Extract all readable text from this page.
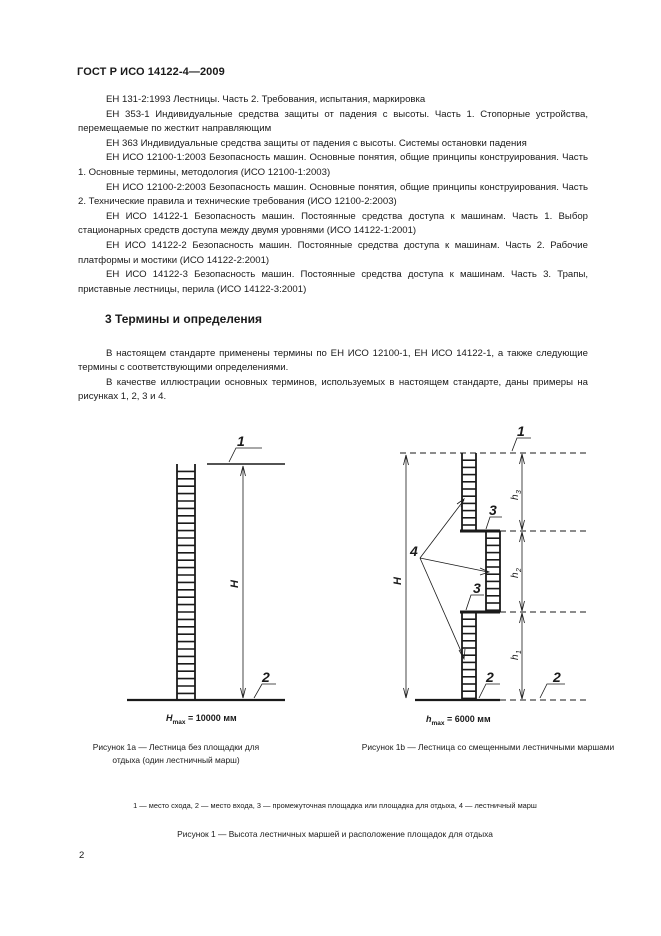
ГОСТ Р ИСО 14122-4—2009

ЕН 131-2:1993 Лестницы. Часть 2. Требования, испытания, маркировка

ЕН 353-1 Индивидуальные средства защиты от падения с высоты. Часть 1. Стопорные устройства, перемещаемые по жесткит направляющим

ЕН 363 Индивидуальные средства защиты от падения с высоты. Системы остановки падения

ЕН ИСО 12100-1:2003 Безопасность машин. Основные понятия, общие принципы конструирования. Часть 1. Основные термины, методология (ИСО 12100-1:2003)

ЕН ИСО 12100-2:2003 Безопасность машин. Основные понятия, общие принципы конструирования. Часть 2. Технические правила и технические требования (ИСО 12100-2:2003)

ЕН ИСО 14122-1 Безопасность машин. Постоянные средства доступа к машинам. Часть 1. Выбор стационарных средств доступа между двумя уровнями (ИСО 14122-1:2001)

ЕН ИСО 14122-2 Безопасность машин. Постоянные средства доступа к машинам. Часть 2. Рабочие платформы и мостики (ИСО 14122-2:2001)

ЕН ИСО 14122-3 Безопасность машин. Постоянные средства доступа к машинам. Часть 3. Трапы, приставные лестницы, перила (ИСО 14122-3:2001)

3 Термины и определения

В настоящем стандарте применены термины по ЕН ИСО 12100-1, ЕН ИСО 14122-1, а также следующие термины с соответствующими определениями.

В качестве иллюстрации основных терминов, используемых в настоящем стандарте, даны примеры на рисунках 1, 2, 3 и 4.

1
2
H
1
3
3
4
2	2
H
h
3
h
2
h
1
$H_{max} = 10000$ мм	$h_{max} = 6000$ мм
Рисунок 1а — Лестница без площадки для отдыха (один лестничный марш)
Рисунок 1b — Лестница со смещенными лестничными маршами
1 — место схода, 2 — место входа, 3 — промежуточная площадка или площадка для отдыха, 4 — лестничный марш
Рисунок 1 — Высота лестничных маршей и расположение площадок для отдыха
2
